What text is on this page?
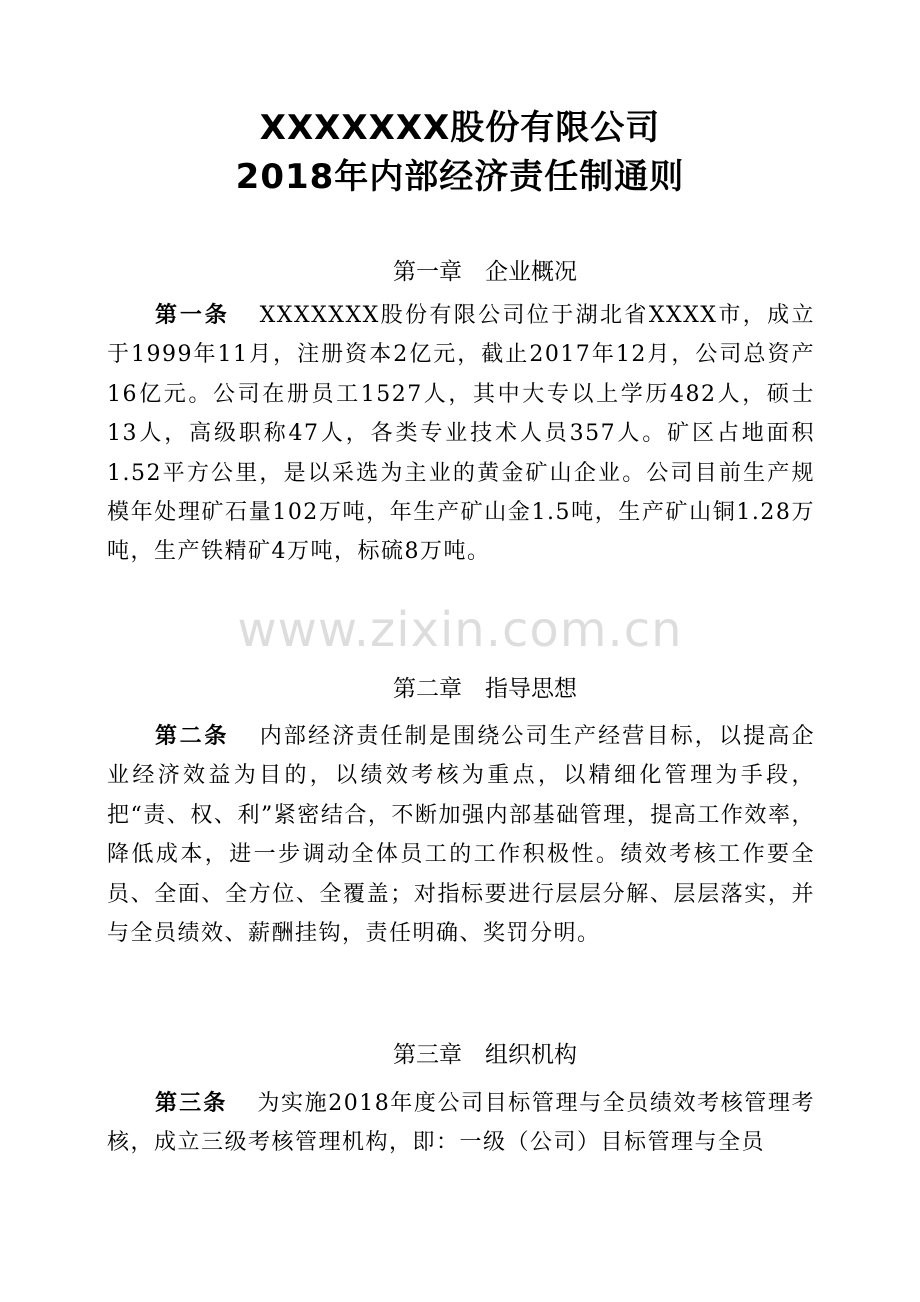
XXXXXXX股份有限公司
2018年内部经济责任制通则
第一章　企业概况
第一条 XXXXXXX股份有限公司位于湖北省XXXX市，成立于1999年11月，注册资本2亿元，截止2017年12月，公司总资产16亿元。公司在册员工1527人，其中大专以上学历482人，硕士13人，高级职称47人，各类专业技术人员357人。矿区占地面积1.52平方公里，是以采选为主业的黄金矿山企业。公司目前生产规模年处理矿石量102万吨，年生产矿山金1.5吨，生产矿山铜1.28万吨，生产铁精矿4万吨，标硫8万吨。
www.zixin.com.cn
第二章　指导思想
第二条 内部经济责任制是围绕公司生产经营目标，以提高企业经济效益为目的，以绩效考核为重点，以精细化管理为手段，把“责、权、利”紧密结合，不断加强内部基础管理，提高工作效率，降低成本，进一步调动全体员工的工作积极性。绩效考核工作要全员、全面、全方位、全覆盖；对指标要进行层层分解、层层落实，并与全员绩效、薪酬挂钩，责任明确、奖罚分明。
第三章　组织机构
第三条 为实施2018年度公司目标管理与全员绩效考核管理考核，成立三级考核管理机构，即：一级（公司）目标管理与全员
